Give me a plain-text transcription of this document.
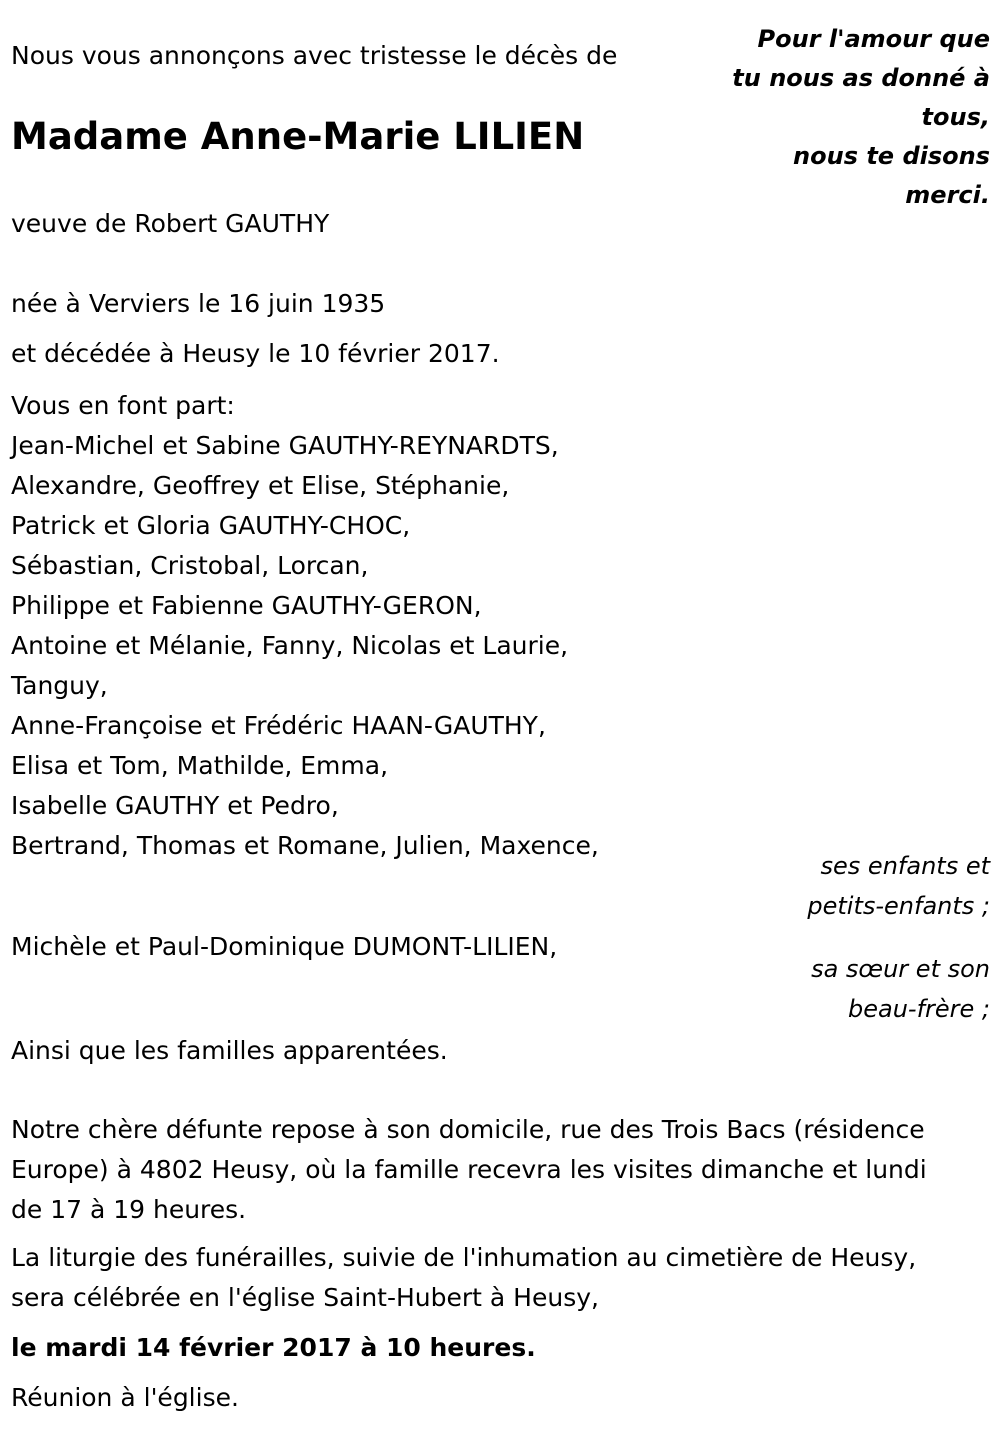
Nous vous annonçons avec tristesse le décès de
Madame Anne-Marie LILIEN
veuve de Robert GAUTHY
née à Verviers le 16 juin 1935
et décédée à Heusy le 10 février 2017.
Pour l'amour que
tu nous as donné à
tous,
nous te disons
merci.
Vous en font part:
Jean-Michel et Sabine GAUTHY-REYNARDTS,
Alexandre, Geoffrey et Elise, Stéphanie,
Patrick et Gloria GAUTHY-CHOC,
Sébastian, Cristobal, Lorcan,
Philippe et Fabienne GAUTHY-GERON,
Antoine et Mélanie, Fanny, Nicolas et Laurie,
Tanguy,
Anne-Françoise et Frédéric HAAN-GAUTHY,
Elisa et Tom, Mathilde, Emma,
Isabelle GAUTHY et Pedro,
Bertrand, Thomas et Romane, Julien, Maxence,
ses enfants et
petits-enfants ;
Michèle et Paul-Dominique DUMONT-LILIEN,
sa sœur et son
beau-frère ;
Ainsi que les familles apparentées.
Notre chère défunte repose à son domicile, rue des Trois Bacs (résidence
Europe) à 4802 Heusy, où la famille recevra les visites dimanche et lundi
de 17 à 19 heures.
La liturgie des funérailles, suivie de l'inhumation au cimetière de Heusy,
sera célébrée en l'église Saint-Hubert à Heusy,
le mardi 14 février 2017 à 10 heures.
Réunion à l'église.
